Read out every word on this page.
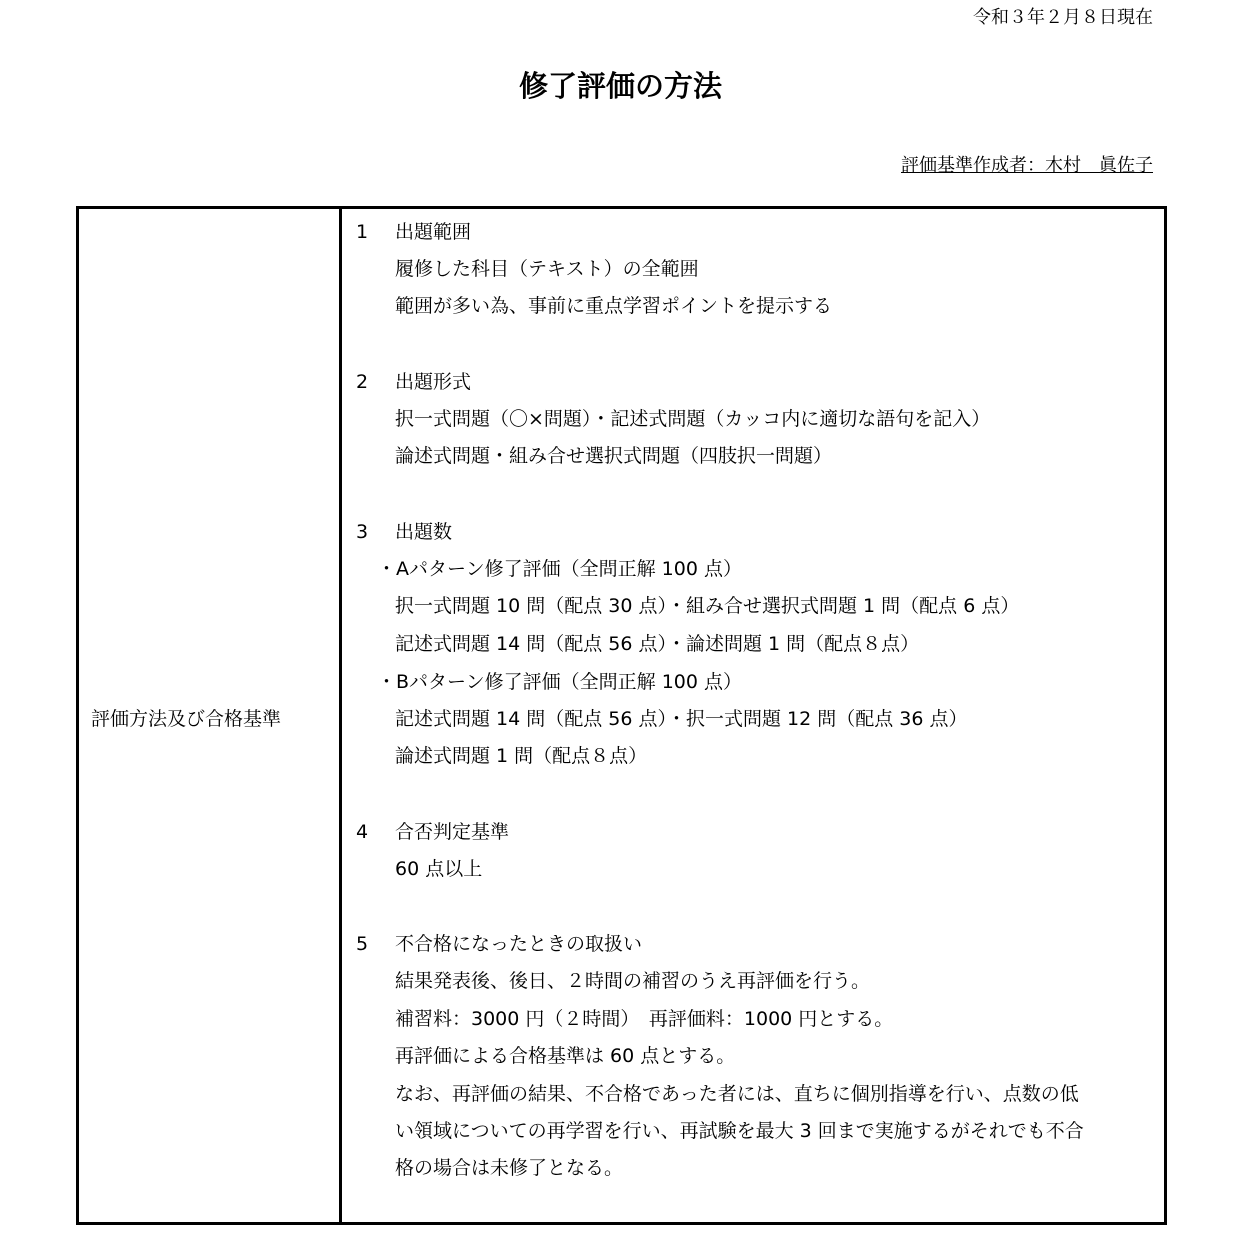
令和３年２月８日現在
修了評価の方法
評価基準作成者：木村　眞佐子
評価方法及び合格基準
1 出題範囲
履修した科目（テキスト）の全範囲
範囲が多い為、事前に重点学習ポイントを提示する
2 出題形式
択一式問題（〇×問題）・記述式問題（カッコ内に適切な語句を記入）
論述式問題・組み合せ選択式問題（四肢択一問題）
3 出題数
・Aパターン修了評価（全問正解 100 点）
択一式問題 10 問（配点 30 点）・組み合せ選択式問題 1 問（配点 6 点）
記述式問題 14 問（配点 56 点）・論述問題 1 問（配点８点）
・Bパターン修了評価（全問正解 100 点）
記述式問題 14 問（配点 56 点）・択一式問題 12 問（配点 36 点）
論述式問題 1 問（配点８点）
4 合否判定基準
60 点以上
5 不合格になったときの取扱い
結果発表後、後日、２時間の補習のうえ再評価を行う。
補習料：3000 円（２時間）　再評価料：1000 円とする。
再評価による合格基準は 60 点とする。
なお、再評価の結果、不合格であった者には、直ちに個別指導を行い、点数の低
い領域についての再学習を行い、再試験を最大 3 回まで実施するがそれでも不合
格の場合は未修了となる。
